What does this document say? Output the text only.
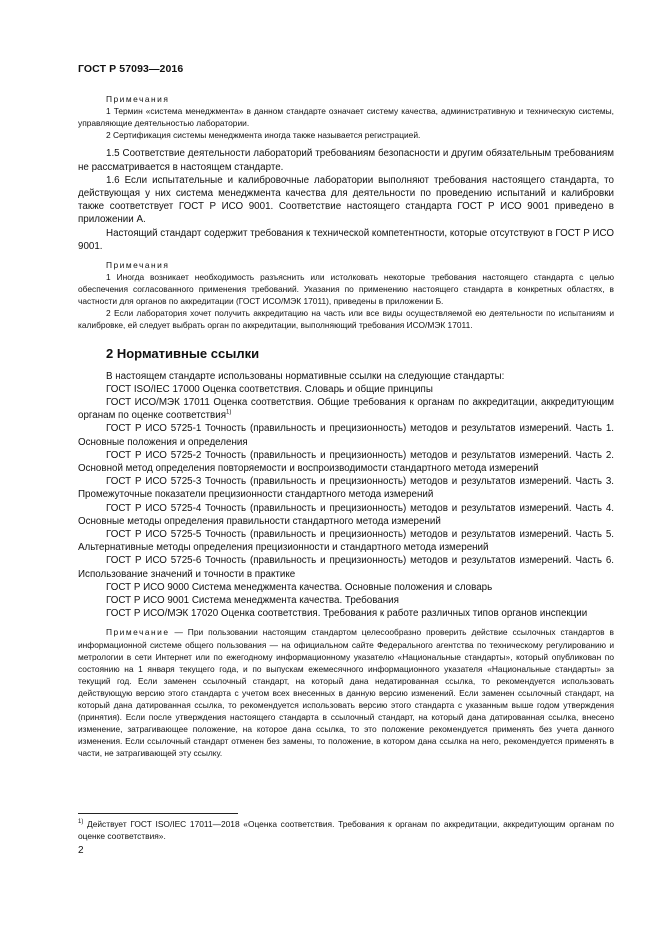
ГОСТ Р 57093—2016

Примечания

1 Термин «система менеджмента» в данном стандарте означает систему качества, административную и техническую системы, управляющие деятельностью лаборатории.

2 Сертификация системы менеджмента иногда также называется регистрацией.

1.5 Соответствие деятельности лабораторий требованиям безопасности и другим обязательным требованиям не рассматривается в настоящем стандарте.

1.6 Если испытательные и калибровочные лаборатории выполняют требования настоящего стандарта, то действующая у них система менеджмента качества для деятельности по проведению испытаний и калибровки также соответствует ГОСТ Р ИСО 9001. Соответствие настоящего стандарта ГОСТ Р ИСО 9001 приведено в приложении А.

Настоящий стандарт содержит требования к технической компетентности, которые отсутствуют в ГОСТ Р ИСО 9001.

Примечания

1 Иногда возникает необходимость разъяснить или истолковать некоторые требования настоящего стандарта с целью обеспечения согласованного применения требований. Указания по применению настоящего стандарта в конкретных областях, в частности для органов по аккредитации (ГОСТ ИСО/МЭК 17011), приведены в приложении Б.

2 Если лаборатория хочет получить аккредитацию на часть или все виды осуществляемой ею деятельности по испытаниям и калибровке, ей следует выбрать орган по аккредитации, выполняющий требования ИСО/МЭК 17011.

2 Нормативные ссылки

В настоящем стандарте использованы нормативные ссылки на следующие стандарты:

ГОСТ ISO/IEC 17000 Оценка соответствия. Словарь и общие принципы

ГОСТ ИСО/МЭК 17011 Оценка соответствия. Общие требования к органам по аккредитации, аккредитующим органам по оценке соответствия$^{1)}$

ГОСТ Р ИСО 5725-1 Точность (правильность и прецизионность) методов и результатов измерений. Часть 1. Основные положения и определения

ГОСТ Р ИСО 5725-2 Точность (правильность и прецизионность) методов и результатов измерений. Часть 2. Основной метод определения повторяемости и воспроизводимости стандартного метода измерений

ГОСТ Р ИСО 5725-3 Точность (правильность и прецизионность) методов и результатов измерений. Часть 3. Промежуточные показатели прецизионности стандартного метода измерений

ГОСТ Р ИСО 5725-4 Точность (правильность и прецизионность) методов и результатов измерений. Часть 4. Основные методы определения правильности стандартного метода измерений

ГОСТ Р ИСО 5725-5 Точность (правильность и прецизионность) методов и результатов измерений. Часть 5. Альтернативные методы определения прецизионности и стандартного метода измерений

ГОСТ Р ИСО 5725-6 Точность (правильность и прецизионность) методов и результатов измерений. Часть 6. Использование значений и точности в практике

ГОСТ Р ИСО 9000 Система менеджмента качества. Основные положения и словарь

ГОСТ Р ИСО 9001 Система менеджмента качества. Требования

ГОСТ Р ИСО/МЭК 17020 Оценка соответствия. Требования к работе различных типов органов инспекции

Примечание — При пользовании настоящим стандартом целесообразно проверить действие ссылочных стандартов в информационной системе общего пользования — на официальном сайте Федерального агентства по техническому регулированию и метрологии в сети Интернет или по ежегодному информационному указателю «Национальные стандарты», который опубликован по состоянию на 1 января текущего года, и по выпускам ежемесячного информационного указателя «Национальные стандарты» за текущий год. Если заменен ссылочный стандарт, на который дана недатированная ссылка, то рекомендуется использовать действующую версию этого стандарта с учетом всех внесенных в данную версию изменений. Если заменен ссылочный стандарт, на который дана датированная ссылка, то рекомендуется использовать версию этого стандарта с указанным выше годом утверждения (принятия). Если после утверждения настоящего стандарта в ссылочный стандарт, на который дана датированная ссылка, внесено изменение, затрагивающее положение, на которое дана ссылка, то это положение рекомендуется применять без учета данного изменения. Если ссылочный стандарт отменен без замены, то положение, в котором дана ссылка на него, рекомендуется применять в части, не затрагивающей эту ссылку.

$^{1)}$ Действует ГОСТ ISO/IEC 17011—2018 «Оценка соответствия. Требования к органам по аккредитации, аккредитующим органам по оценке соответствия».
2
